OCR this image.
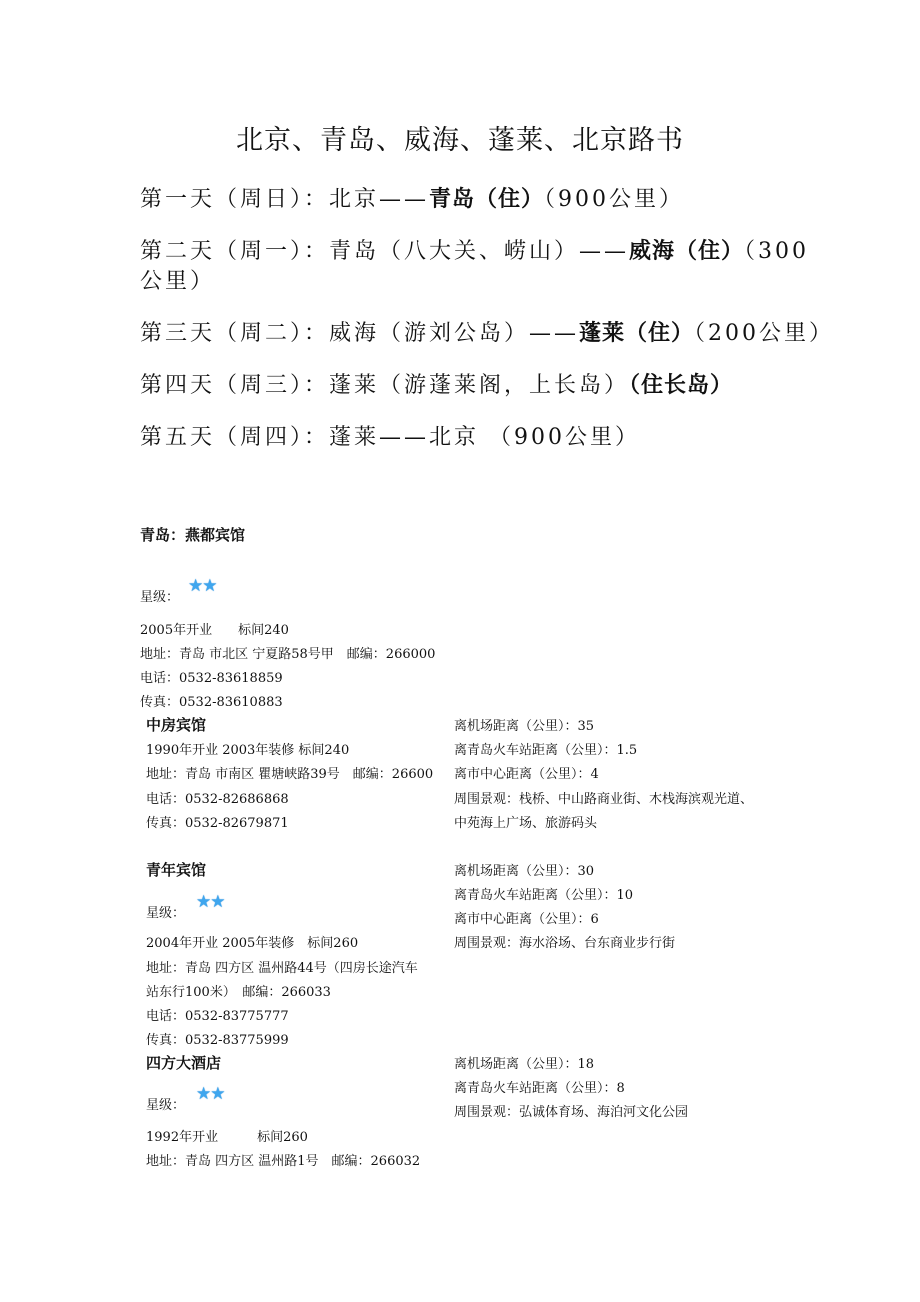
北京、青岛、威海、蓬莱、北京路书
第一天（周日）：北京——青岛（住）（900公里）
第二天（周一）：青岛（八大关、崂山）——威海（住）（300
公里）
第三天（周二）：威海（游刘公岛）——蓬莱（住）（200公里）
第四天（周三）：蓬莱（游蓬莱阁，上长岛）（住长岛）
第五天（周四）：蓬莱——北京 （900公里）
青岛：燕都宾馆
星级：
★★
2005年开业　　标间240
地址：青岛 市北区 宁夏路58号甲　邮编：266000
电话：0532-83618859
传真：0532-83610883
中房宾馆
1990年开业 2003年装修 标间240
地址：青岛 市南区 瞿塘峡路39号　邮编：26600
电话：0532-82686868
传真：0532-82679871
离机场距离（公里）：35
离青岛火车站距离（公里）：1.5
离市中心距离（公里）：4
周围景观：栈桥、中山路商业街、木栈海滨观光道、
中苑海上广场、旅游码头
青年宾馆
星级：
★★
2004年开业 2005年装修　标间260
地址：青岛 四方区 温州路44号（四房长途汽车
站东行100米）　邮编：266033
电话：0532-83775777
传真：0532-83775999
离机场距离（公里）：30
离青岛火车站距离（公里）：10
离市中心距离（公里）：6
周围景观：海水浴场、台东商业步行街
四方大酒店
星级：
★★
1992年开业　　　标间260
地址：青岛 四方区 温州路1号　邮编：266032
离机场距离（公里）：18
离青岛火车站距离（公里）：8
周围景观：弘诚体育场、海泊河文化公园
